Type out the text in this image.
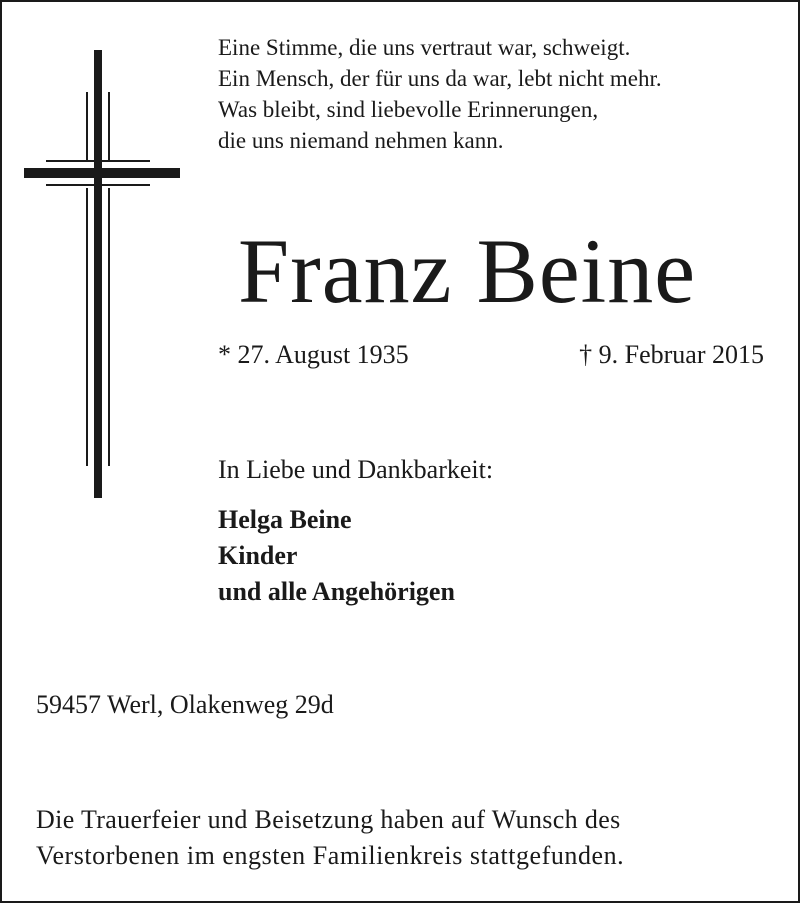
Eine Stimme, die uns vertraut war, schweigt.
Ein Mensch, der für uns da war, lebt nicht mehr.
Was bleibt, sind liebevolle Erinnerungen,
die uns niemand nehmen kann.
Franz Beine
* 27. August 1935	† 9. Februar 2015
In Liebe und Dankbarkeit:
Helga Beine
Kinder
und alle Angehörigen
59457 Werl, Olakenweg 29d
Die Trauerfeier und Beisetzung haben auf Wunsch des
Verstorbenen im engsten Familienkreis stattgefunden.
